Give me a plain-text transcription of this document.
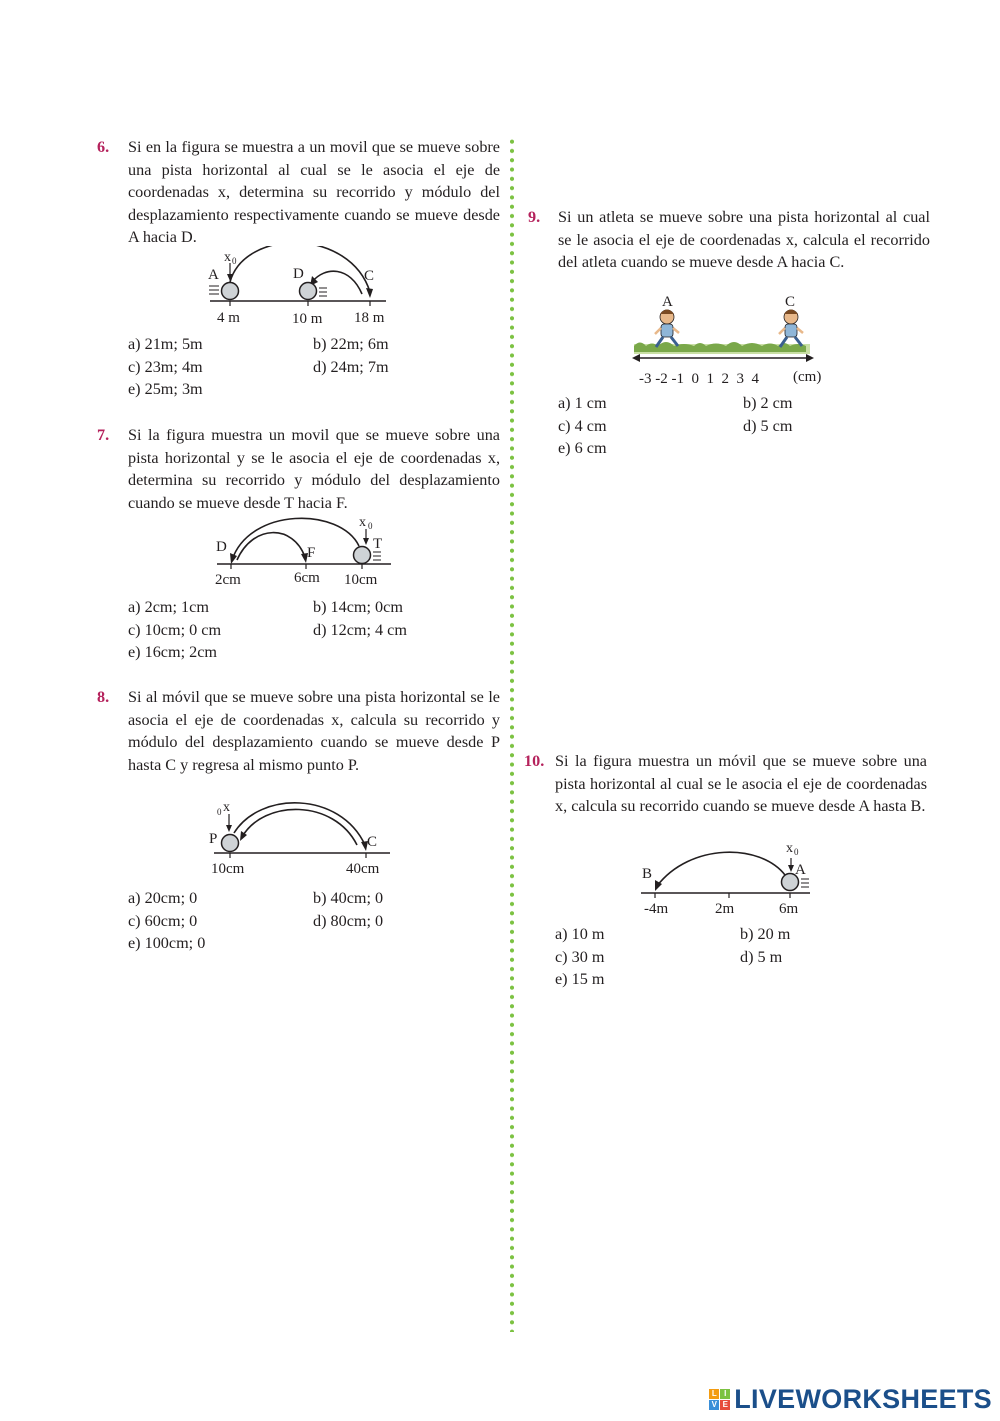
6. Si en la figura se muestra a un movil que se mueve sobre una pista horizontal al cual se le asocia el eje de coordenadas x, determina su recorrido y módulo del desplazamiento respectivamente cuando se mueve desde A hacia D.
x 0
A	D	C
4 m	10 m 18 m
a) 21m; 5m	b) 22m; 6m
c) 23m; 4m	d) 24m; 7m
e) 25m; 3m
7. Si la figura muestra un movil que se mueve sobre una pista horizontal y se le asocia el eje de coordenadas x, determina su recorrido y módulo del desplazamiento cuando se mueve desde T hacia F.
x 0
D	F
T
2cm	6cm 10cm
a) 2cm; 1cm	b) 14cm; 0cm
c) 10cm; 0 cm	d) 12cm; 4 cm
e) 16cm; 2cm
8. Si al móvil que se mueve sobre una pista horizontal se le asocia el eje de coordenadas x, calcula su recorrido y módulo del desplazamiento cuando se mueve desde P hasta C y regresa al mismo punto P.
x
0
P	C
10cm	40cm
a) 20cm; 0	b) 40cm; 0
c) 60cm; 0	d) 80cm; 0
e) 100cm; 0
9. Si un atleta se mueve sobre una pista horizontal al cual se le asocia el eje de coordenadas x, calcula el recorrido del atleta cuando se mueve desde A hacia C.
A	C
-3 -2 -1  0  1  2  3  4 (cm)
a) 1 cm	b) 2 cm
c) 4 cm	d) 5 cm
e) 6 cm
10. Si la figura muestra un móvil que se mueve sobre una pista horizontal al cual se le asocia el eje de coordenadas x, calcula su recorrido cuando se mueve desde A hasta B.
x 0
B	A
-4m	2m	6m
a) 10 m	b) 20 m
c) 30 m	d) 5 m
e) 15 m
L I
V E LIVEWORKSHEETS
